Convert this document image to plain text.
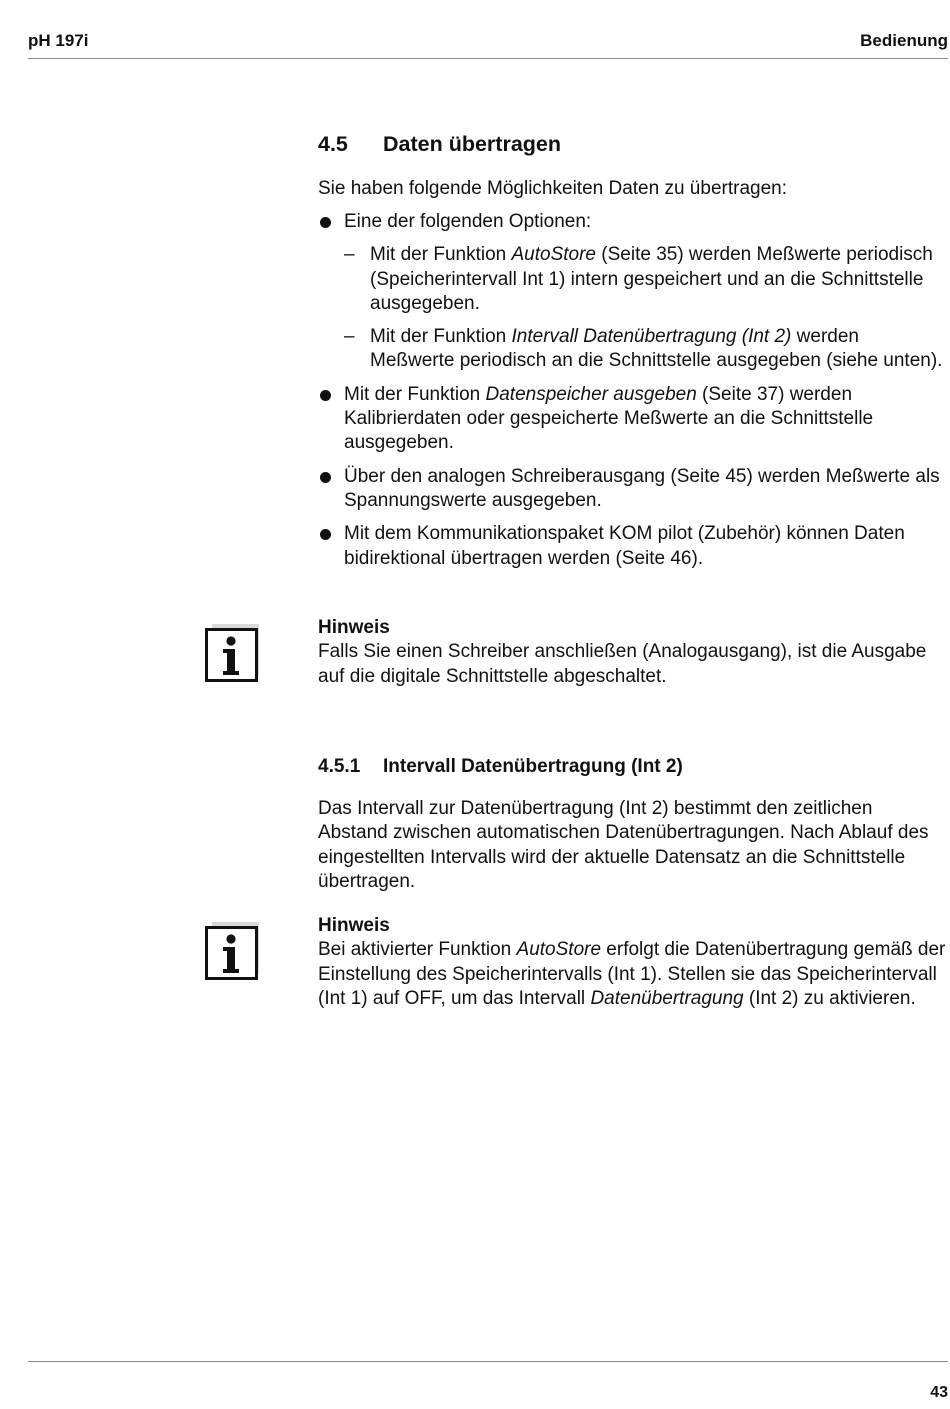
pH 197i	Bedienung
4.5 Daten übertragen

Sie haben folgende Möglichkeiten Daten zu übertragen:

Eine der folgenden Optionen:
– Mit der Funktion AutoStore (Seite 35) werden Meßwerte periodisch (Speicherintervall Int 1) intern gespeichert und an die Schnittstelle ausgegeben.
– Mit der Funktion Intervall Datenübertragung (Int 2) werden Meßwerte periodisch an die Schnittstelle ausgegeben (siehe unten).
Mit der Funktion Datenspeicher ausgeben (Seite 37) werden Kalibrierdaten oder gespeicherte Meßwerte an die Schnittstelle ausgegeben.
Über den analogen Schreiberausgang (Seite 45) werden Meßwerte als Spannungswerte ausgegeben.
Mit dem Kommunikationspaket KOM pilot (Zubehör) können Daten bidirektional übertragen werden (Seite 46).

Hinweis

Falls Sie einen Schreiber anschließen (Analogausgang), ist die Ausgabe auf die digitale Schnittstelle abgeschaltet.

4.5.1 Intervall Datenübertragung (Int 2)

Das Intervall zur Datenübertragung (Int 2) bestimmt den zeitlichen Abstand zwischen automatischen Datenübertragungen. Nach Ablauf des eingestellten Intervalls wird der aktuelle Datensatz an die Schnittstelle übertragen.

Hinweis

Bei aktivierter Funktion AutoStore erfolgt die Datenübertragung gemäß der Einstellung des Speicherintervalls (Int 1). Stellen sie das Speicherintervall (Int 1) auf OFF, um das Intervall Datenübertragung (Int 2) zu aktivieren.

43
